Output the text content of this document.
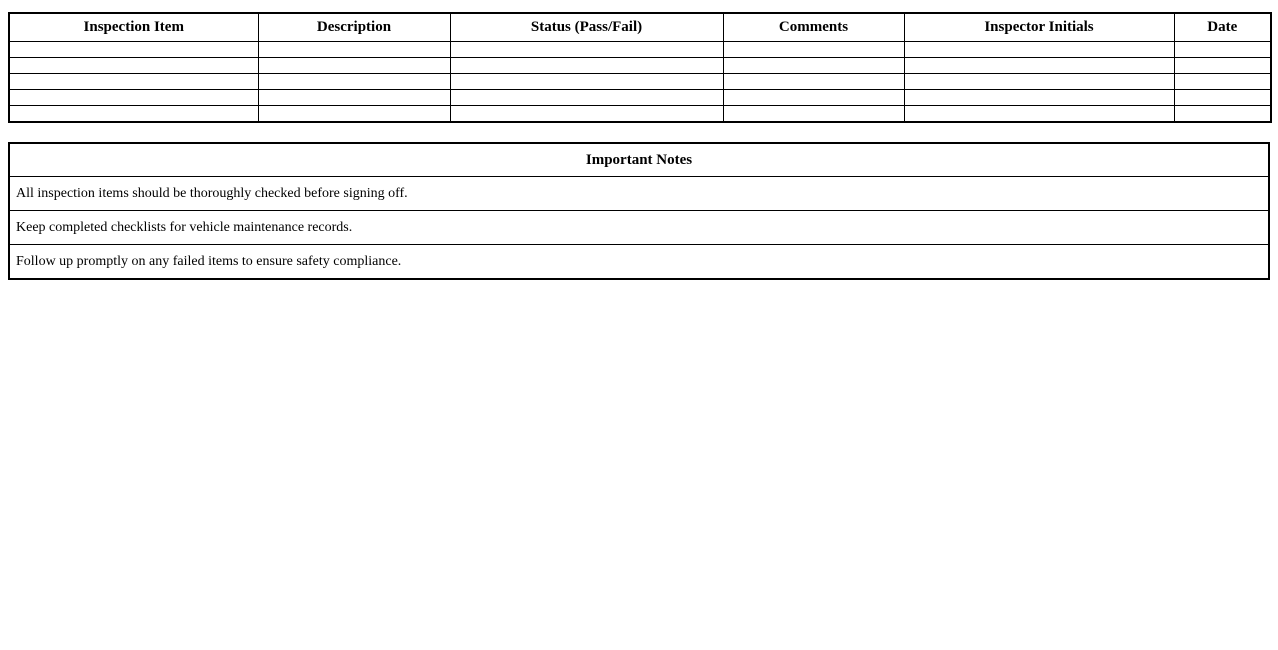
Inspection Item	Description	Status (Pass/Fail)	Comments	Inspector Initials	Date

Important Notes
All inspection items should be thoroughly checked before signing off.
Keep completed checklists for vehicle maintenance records.
Follow up promptly on any failed items to ensure safety compliance.
